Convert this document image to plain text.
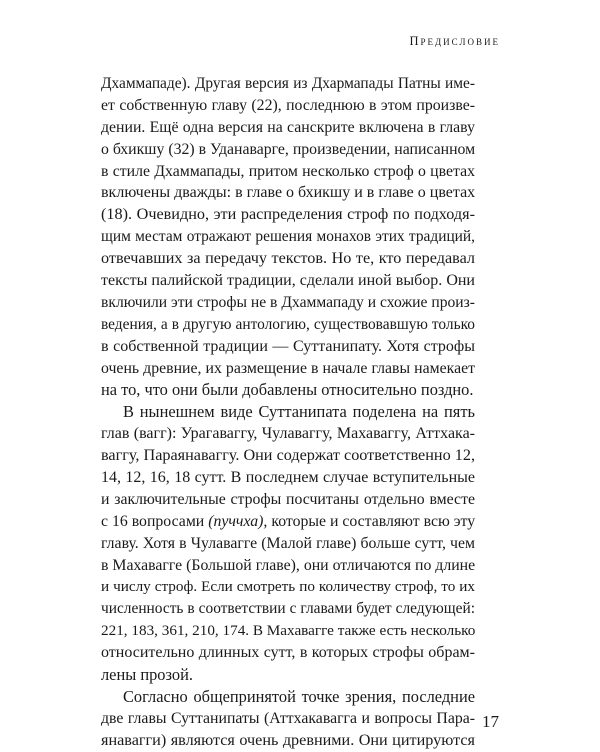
Предисловие
Дхаммападе). Другая версия из Дхармапады Патны име-
ет собственную главу (22), последнюю в этом произве-
дении. Ещё одна версия на санскрите включена в главу
о бхикшу (32) в Уданаварге, произведении, написанном
в стиле Дхаммапады, притом несколько строф о цветах
включены дважды: в главе о бхикшу и в главе о цветах
(18). Очевидно, эти распределения строф по подходя-
щим местам отражают решения монахов этих традиций,
отвечавших за передачу текстов. Но те, кто передавал
тексты палийской традиции, сделали иной выбор. Они
включили эти строфы не в Дхаммападу и схожие произ-
ведения, а в другую антологию, существовавшую только
в собственной традиции — Суттанипату. Хотя строфы
очень древние, их размещение в начале главы намекает
на то, что они были добавлены относительно поздно.
В нынешнем виде Суттанипата поделена на пять
глав (вагг): Урагаваггу, Чулаваггу, Махаваггу, Аттхака-
ваггу, Параянаваггу. Они содержат соответственно 12,
14, 12, 16, 18 сутт. В последнем случае вступительные
и заключительные строфы посчитаны отдельно вместе
с 16 вопросами (пуччха), которые и составляют всю эту
главу. Хотя в Чулавагге (Малой главе) больше сутт, чем
в Махавагге (Большой главе), они отличаются по длине
и числу строф. Если смотреть по количеству строф, то их
численность в соответствии с главами будет следующей:
221, 183, 361, 210, 174. В Махавагге также есть несколько
относительно длинных сутт, в которых строфы обрам-
лены прозой.
Согласно общепринятой точке зрения, последние
две главы Суттанипаты (Аттхакавагга и вопросы Пара-
янавагги) являются очень древними. Они цитируются
17
